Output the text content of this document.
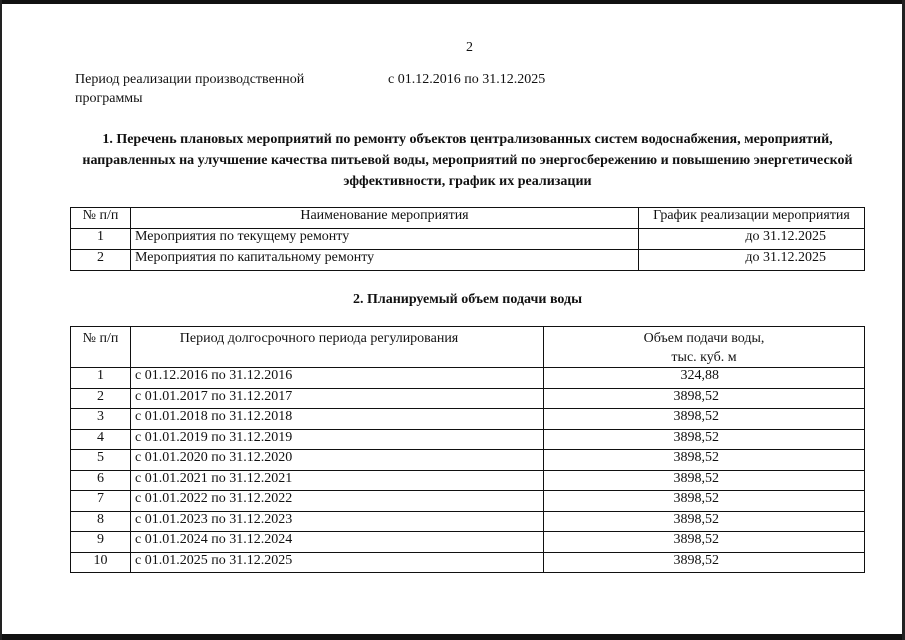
2
Период реализации производственной программы
с 01.12.2016 по 31.12.2025
1. Перечень плановых мероприятий по ремонту объектов централизованных систем водоснабжения, мероприятий, направленных на улучшение качества питьевой воды, мероприятий по энергосбережению и повышению энергетической эффективности, график их реализации
№ п/п	Наименование мероприятия	График реализации мероприятия
1	Мероприятия по текущему ремонту	до 31.12.2025
2	Мероприятия по капитальному ремонту	до 31.12.2025
2. Планируемый объем подачи воды
№ п/п	Период долгосрочного периода регулирования	Объем подачи воды,
тыс. куб. м

1	с 01.12.2016 по 31.12.2016	324,88
2	с 01.01.2017 по 31.12.2017	3898,52
3	с 01.01.2018 по 31.12.2018	3898,52
4	с 01.01.2019 по 31.12.2019	3898,52
5	с 01.01.2020 по 31.12.2020	3898,52
6	с 01.01.2021 по 31.12.2021	3898,52
7	с 01.01.2022 по 31.12.2022	3898,52
8	с 01.01.2023 по 31.12.2023	3898,52
9	с 01.01.2024 по 31.12.2024	3898,52
10	с 01.01.2025 по 31.12.2025	3898,52
